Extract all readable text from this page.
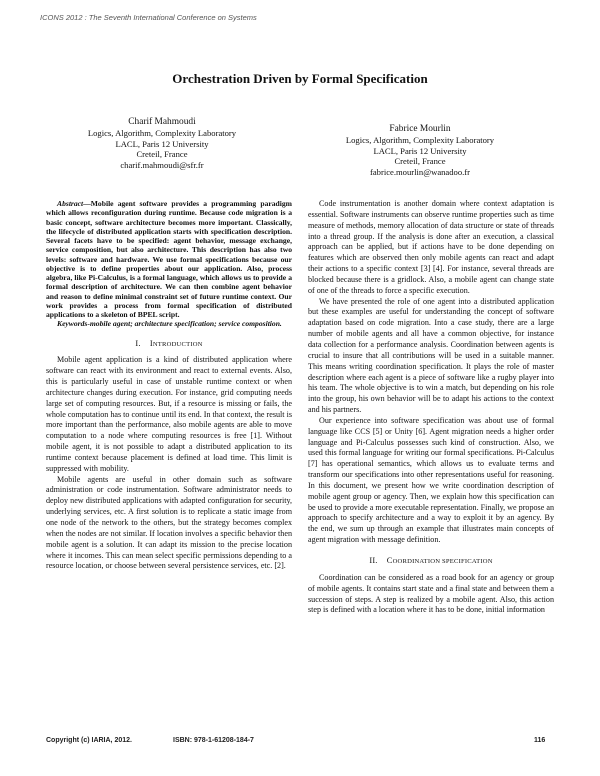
ICONS 2012 : The Seventh International Conference on Systems
Orchestration Driven by Formal Specification
Charif Mahmoudi
Logics, Algorithm, Complexity Laboratory
LACL, Paris 12 University
Creteil, France
charif.mahmoudi@sfr.fr
Fabrice Mourlin
Logics, Algorithm, Complexity Laboratory
LACL, Paris 12 University
Creteil, France
fabrice.mourlin@wanadoo.fr

Abstract—Mobile agent software provides a programming paradigm which allows reconfiguration during runtime. Because code migration is a basic concept, software architecture becomes more important. Classically, the lifecycle of distributed application starts with specification description. Several facets have to be specified: agent behavior, message exchange, service composition, but also architecture. This description has also two levels: software and hardware. We use formal specifications because our objective is to define properties about our application. Also, process algebra, like Pi-Calculus, is a formal language, which allows us to provide a formal description of architecture. We can then combine agent behavior and reason to define minimal constraint set of future runtime context. Our work provides a process from formal specification of distributed applications to a skeleton of BPEL script.

Keywords-mobile agent; architecture specification; service composition.

I. INTRODUCTION

Mobile agent application is a kind of distributed application where software can react with its environment and react to external events. Also, this is particularly useful in case of unstable runtime context or when architecture changes during execution. For instance, grid computing needs large set of computing resources. But, if a resource is missing or fails, the whole computation has to continue until its end. In that context, the result is more important than the performance, also mobile agents are able to move computation to a node where computing resources is free [1]. Without mobile agent, it is not possible to adapt a distributed application to its runtime context because placement is defined at load time. This limit is suppressed with mobility.

Mobile agents are useful in other domain such as software administration or code instrumentation. Software administrator needs to deploy new distributed applications with adapted configuration for security, underlying services, etc. A first solution is to replicate a static image from one node of the network to the others, but the strategy becomes complex when the nodes are not similar. If location involves a specific behavior then mobile agent is a solution. It can adapt its mission to the precise location where it incomes. This can mean select specific permissions depending to a resource location, or choose between several persistence services, etc. [2].

Code instrumentation is another domain where context adaptation is essential. Software instruments can observe runtime properties such as time measure of methods, memory allocation of data structure or state of threads into a thread group. If the analysis is done after an execution, a classical approach can be applied, but if actions have to be done depending on features which are observed then only mobile agents can react and adapt their actions to a specific context [3] [4]. For instance, several threads are blocked because there is a gridlock. Also, a mobile agent can change state of one of the threads to force a specific execution.

We have presented the role of one agent into a distributed application but these examples are useful for understanding the concept of software adaptation based on code migration. Into a case study, there are a large number of mobile agents and all have a common objective, for instance data collection for a performance analysis. Coordination between agents is crucial to insure that all contributions will be used in a suitable manner. This means writing coordination specification. It plays the role of master description where each agent is a piece of software like a rugby player into his team. The whole objective is to win a match, but depending on his role into the group, his own behavior will be to adapt his actions to the context and his partners.

Our experience into software specification was about use of formal language like CCS [5] or Unity [6]. Agent migration needs a higher order language and Pi-Calculus possesses such kind of construction. Also, we used this formal language for writing our formal specifications. Pi-Calculus [7] has operational semantics, which allows us to evaluate terms and transform our specifications into other representations useful for reasoning. In this document, we present how we write coordination description of mobile agent group or agency. Then, we explain how this specification can be used to provide a more executable representation. Finally, we propose an approach to specify architecture and a way to exploit it by an agency. By the end, we sum up through an example that illustrates main concepts of agent migration with message definition.

II. COORDINATION SPECIFICATION

Coordination can be considered as a road book for an agency or group of mobile agents. It contains start state and a final state and between them a succession of steps. A step is realized by a mobile agent. Also, this action step is defined with a location where it has to be done, initial information

Copyright (c) IARIA, 2012.	ISBN: 978-1-61208-184-7	116
